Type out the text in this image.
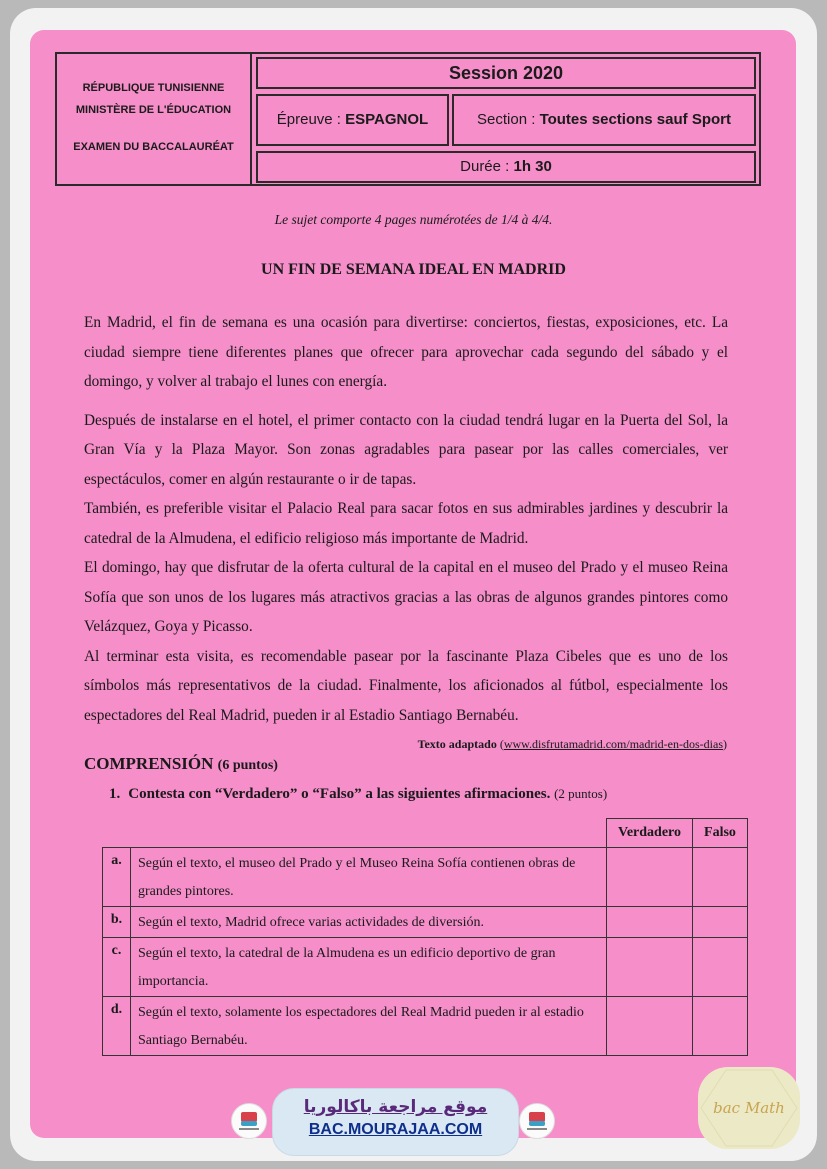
RÉPUBLIQUE TUNISIENNE
MINISTÈRE DE L'ÉDUCATION
EXAMEN DU BACCALAURÉAT
Session 2020
Épreuve : ESPAGNOL	Section : Toutes sections sauf Sport
Durée : 1h 30
Le sujet comporte 4 pages numérotées de 1/4 à 4/4.
UN FIN DE SEMANA IDEAL EN MADRID

En Madrid, el fin de semana es una ocasión para divertirse: conciertos, fiestas, exposiciones, etc. La ciudad siempre tiene diferentes planes que ofrecer para aprovechar cada segundo del sábado y el domingo, y volver al trabajo el lunes con energía.

Después de instalarse en el hotel, el primer contacto con la ciudad tendrá lugar en la Puerta del Sol, la Gran Vía y la Plaza Mayor. Son zonas agradables para pasear por las calles comerciales, ver espectáculos, comer en algún restaurante o ir de tapas.

También, es preferible visitar el Palacio Real para sacar fotos en sus admirables jardines y descubrir la catedral de la Almudena, el edificio religioso más importante de Madrid.

El domingo, hay que disfrutar de la oferta cultural de la capital en el museo del Prado y el museo Reina Sofía que son unos de los lugares más atractivos gracias a las obras de algunos grandes pintores como Velázquez, Goya y Picasso.

Al terminar esta visita, es recomendable pasear por la fascinante Plaza Cibeles que es uno de los símbolos más representativos de la ciudad. Finalmente, los aficionados al fútbol, especialmente los espectadores del Real Madrid, pueden ir al Estadio Santiago Bernabéu.

Texto adaptado (www.disfrutamadrid.com/madrid-en-dos-dias)
COMPRENSIÓN (6 puntos)
1. Contesta con “Verdadero” o “Falso” a las siguientes afirmaciones. (2 puntos)
		Verdadero	Falso
a.	Según el texto, el museo del Prado y el Museo Reina Sofía contienen obras de grandes pintores.		
b.	Según el texto, Madrid ofrece varias actividades de diversión.		
c.	Según el texto, la catedral de la Almudena es un edificio deportivo de gran importancia.		
d.	Según el texto, solamente los espectadores del Real Madrid pueden ir al estadio Santiago Bernabéu.		
موقع مراجعة باكالوريا
BAC.MOURAJAA.COM
bac Math
